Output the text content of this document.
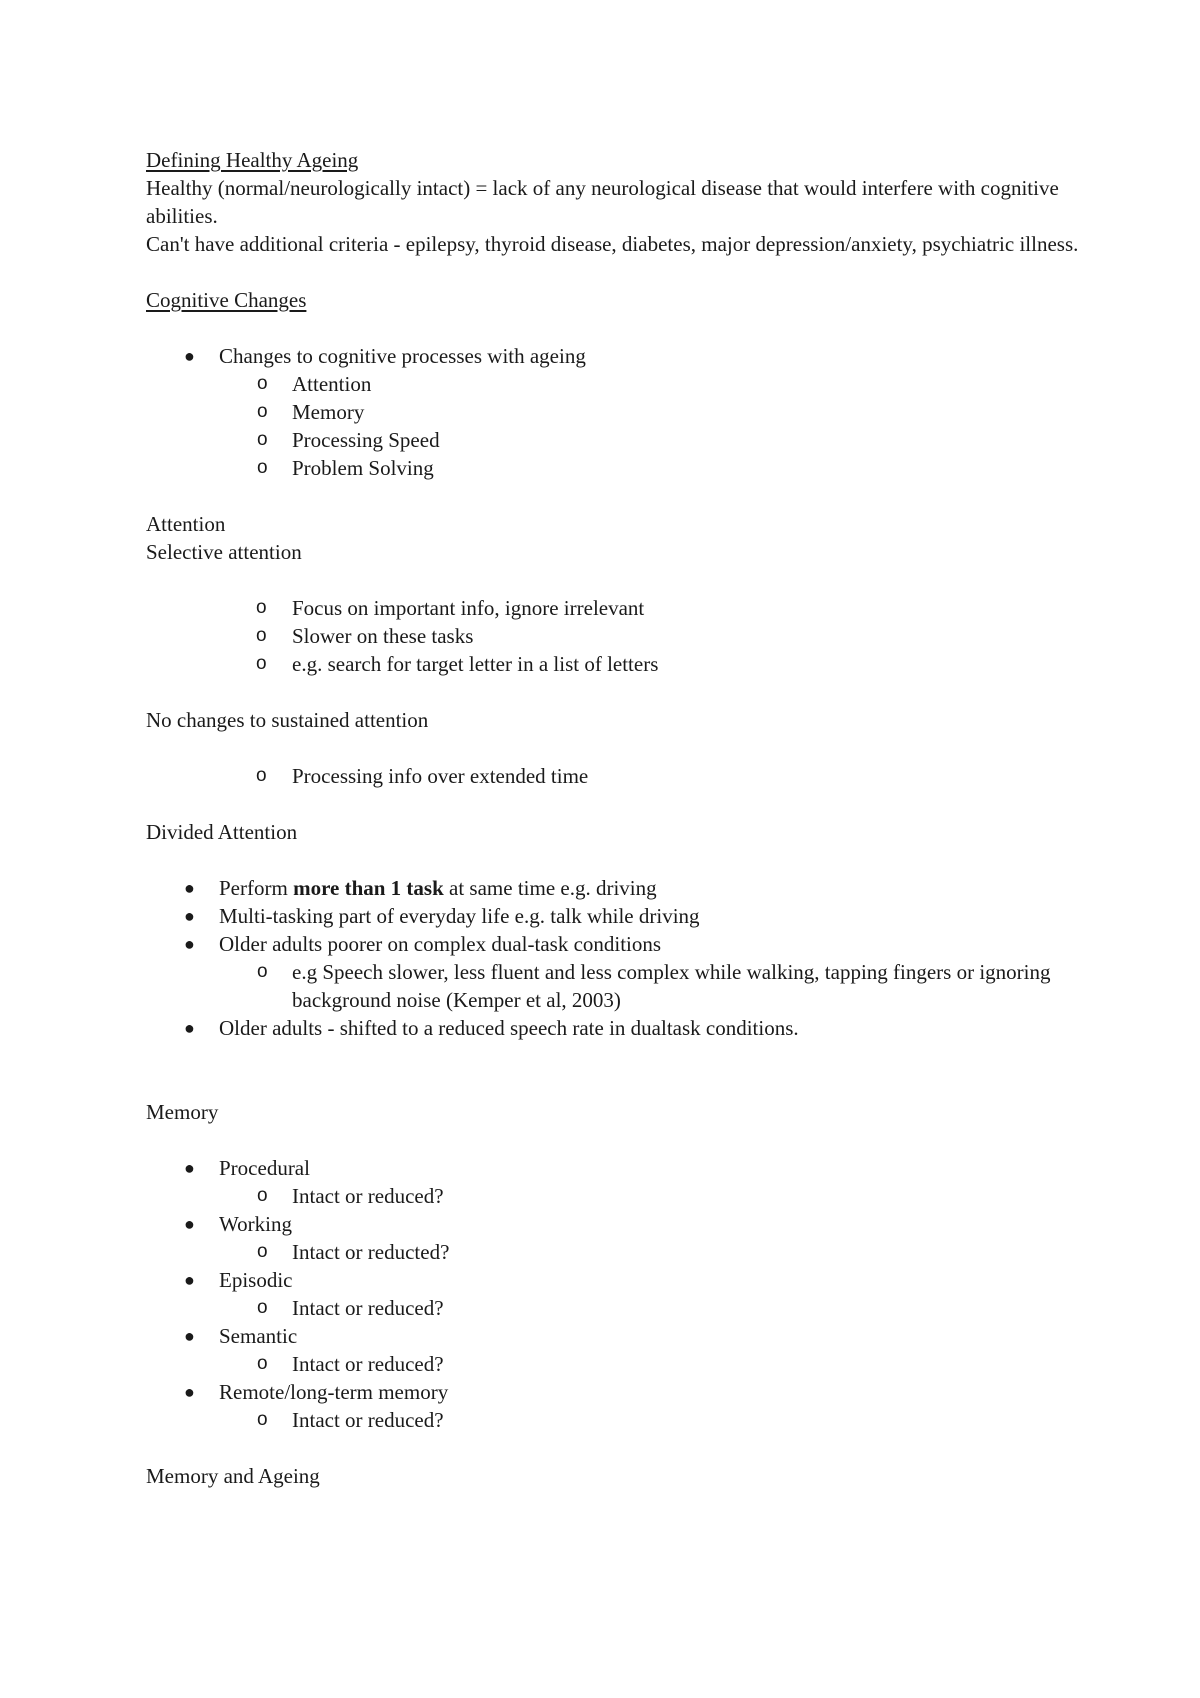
Defining Healthy Ageing

Healthy (normal/neurologically intact) = lack of any neurological disease that would interfere with cognitive abilities.

Can't have additional criteria - epilepsy, thyroid disease, diabetes, major depression/anxiety, psychiatric illness.

Cognitive Changes

● Changes to cognitive processes with ageing
o Attention
o Memory
o Processing Speed
o Problem Solving

Attention

Selective attention

o Focus on important info, ignore irrelevant
o Slower on these tasks
o e.g. search for target letter in a list of letters

No changes to sustained attention

o Processing info over extended time

Divided Attention

● Perform more than 1 task at same time e.g. driving
● Multi-tasking part of everyday life e.g. talk while driving
● Older adults poorer on complex dual-task conditions
o e.g Speech slower, less fluent and less complex while walking, tapping fingers or ignoring background noise (Kemper et al, 2003)
● Older adults - shifted to a reduced speech rate in dualtask conditions.

Memory

● Procedural
o Intact or reduced?
● Working
o Intact or reducted?
● Episodic
o Intact or reduced?
● Semantic
o Intact or reduced?
● Remote/long-term memory
o Intact or reduced?

Memory and Ageing
